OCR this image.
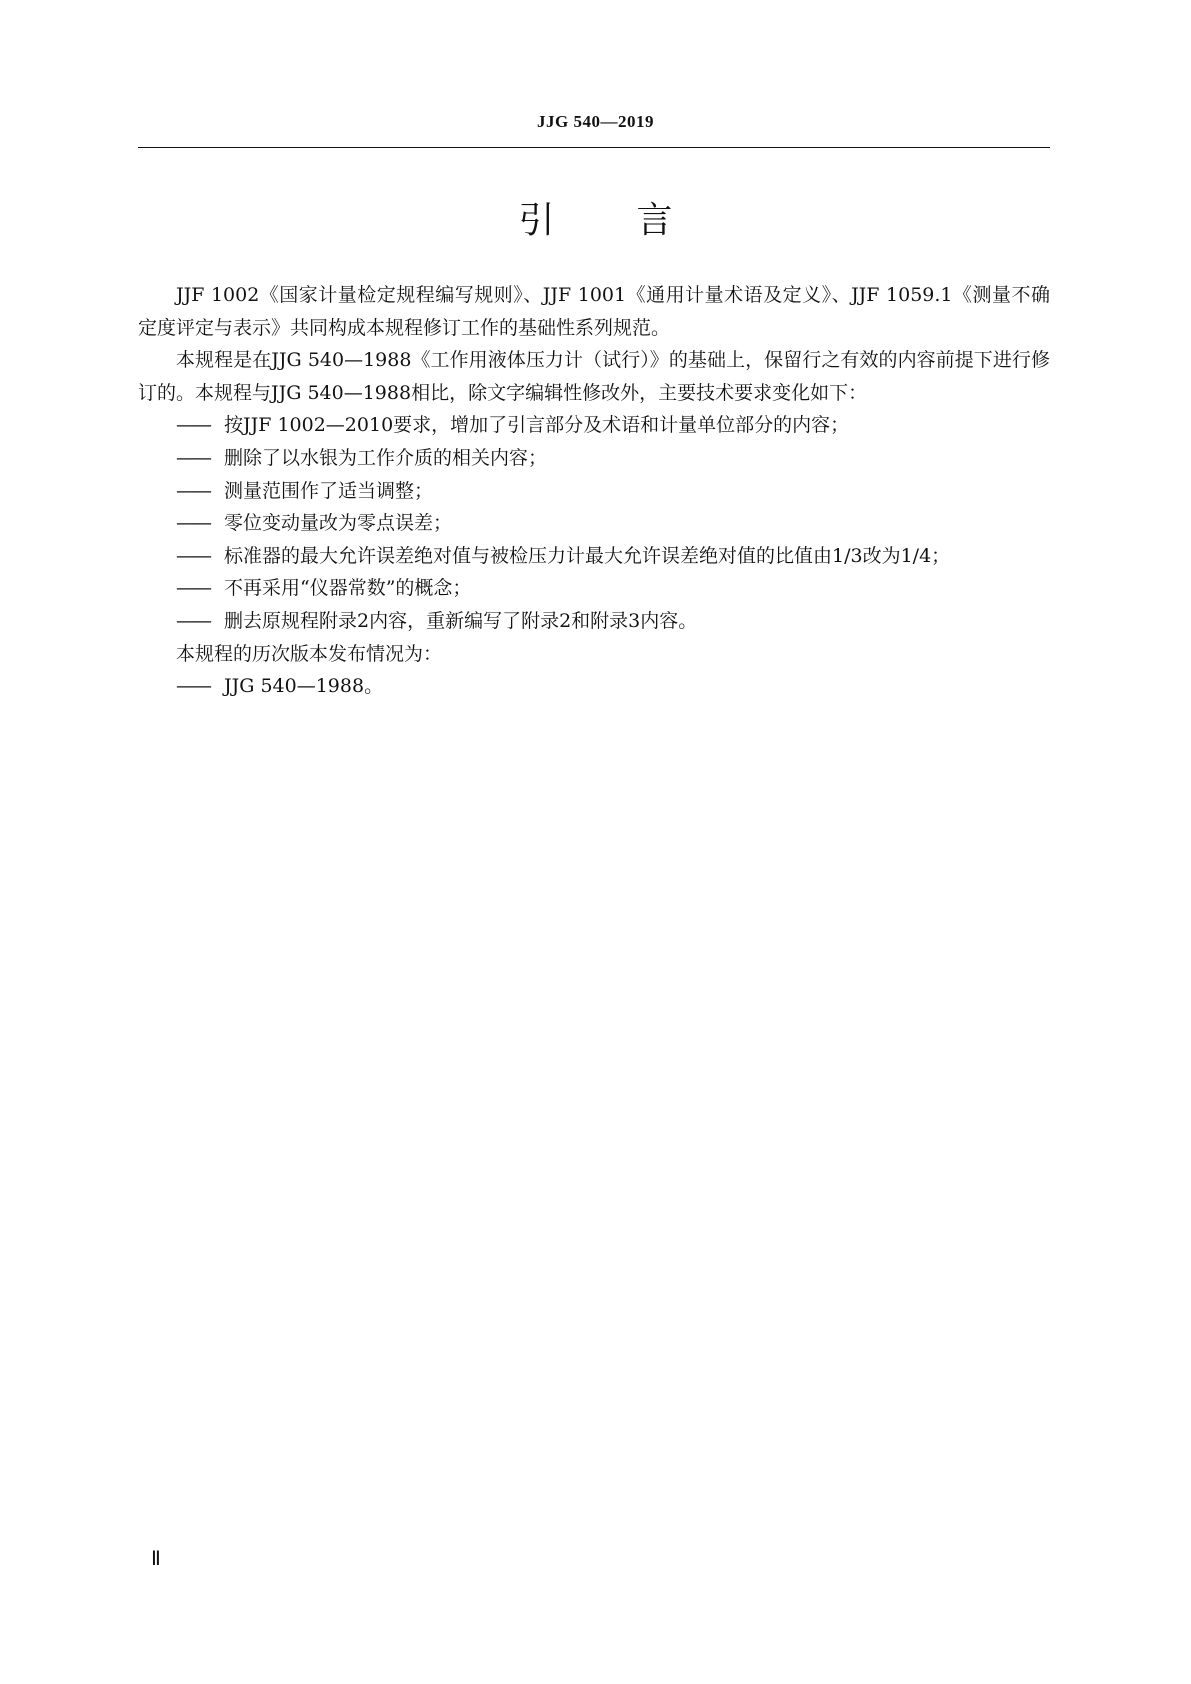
JJG 540—2019
引 言

JJF 1002《国家计量检定规程编写规则》、JJF 1001《通用计量术语及定义》、JJF 1059.1《测量不确定度评定与表示》共同构成本规程修订工作的基础性系列规范。

本规程是在JJG 540—1988《工作用液体压力计（试行）》的基础上，保留行之有效的内容前提下进行修订的。本规程与JJG 540—1988相比，除文字编辑性修改外，主要技术要求变化如下：

—— 按JJF 1002—2010要求，增加了引言部分及术语和计量单位部分的内容；

—— 删除了以水银为工作介质的相关内容；

—— 测量范围作了适当调整；

—— 零位变动量改为零点误差；

—— 标准器的最大允许误差绝对值与被检压力计最大允许误差绝对值的比值由1/3改为1/4；

—— 不再采用“仪器常数”的概念；

—— 删去原规程附录2内容，重新编写了附录2和附录3内容。

本规程的历次版本发布情况为：

—— JJG 540—1988。

Ⅱ
